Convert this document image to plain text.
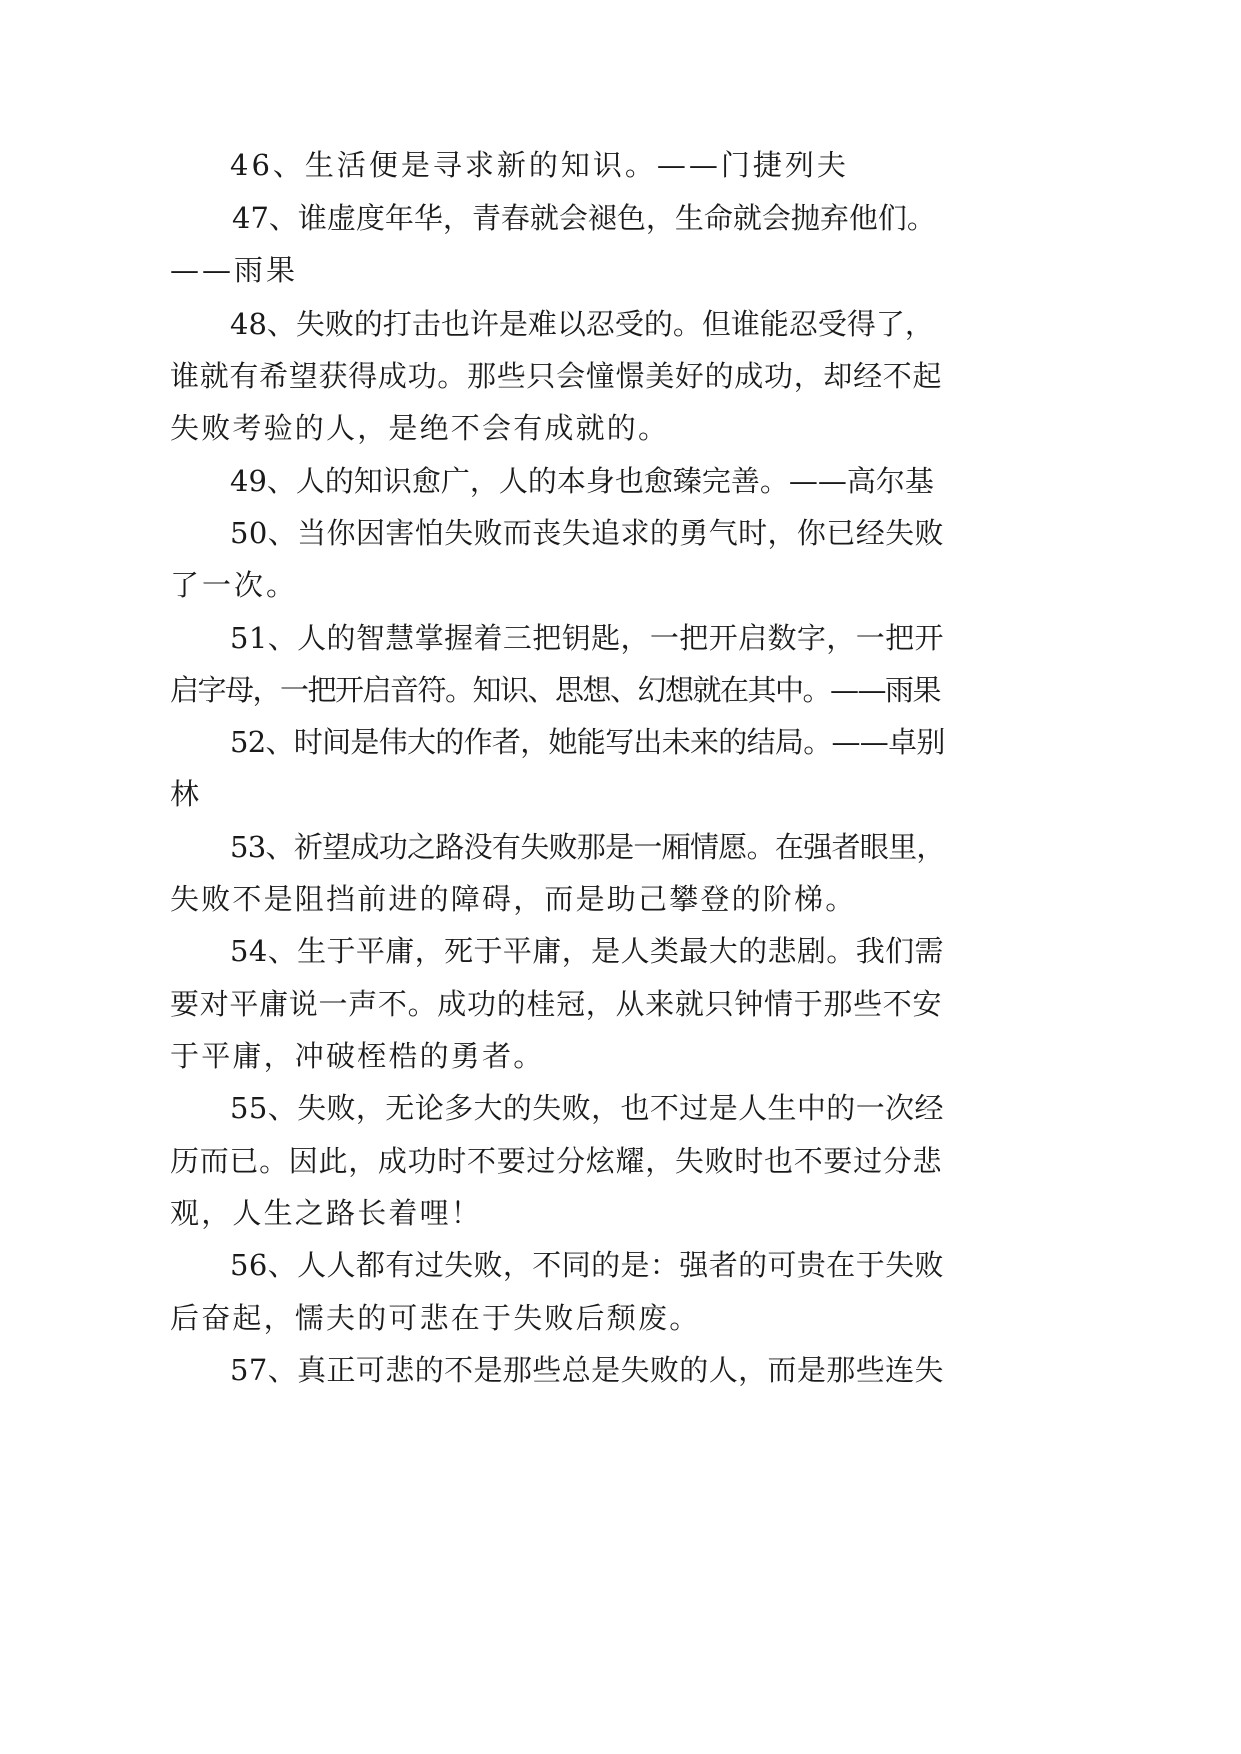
46、生活便是寻求新的知识。——门捷列夫
47、谁虚度年华，青春就会褪色，生命就会抛弃他们。
——雨果
48、失败的打击也许是难以忍受的。但谁能忍受得了，
谁就有希望获得成功。那些只会憧憬美好的成功，却经不起
失败考验的人，是绝不会有成就的。
49、人的知识愈广，人的本身也愈臻完善。——高尔基
50、当你因害怕失败而丧失追求的勇气时，你已经失败
了一次。
51、人的智慧掌握着三把钥匙，一把开启数字，一把开
启字母，一把开启音符。知识、思想、幻想就在其中。——雨果
52、时间是伟大的作者，她能写出未来的结局。——卓别
林
53、祈望成功之路没有失败那是一厢情愿。在强者眼里，
失败不是阻挡前进的障碍，而是助己攀登的阶梯。
54、生于平庸，死于平庸，是人类最大的悲剧。我们需
要对平庸说一声不。成功的桂冠，从来就只钟情于那些不安
于平庸，冲破桎梏的勇者。
55、失败，无论多大的失败，也不过是人生中的一次经
历而已。因此，成功时不要过分炫耀，失败时也不要过分悲
观，人生之路长着哩！
56、人人都有过失败，不同的是：强者的可贵在于失败
后奋起，懦夫的可悲在于失败后颓废。
57、真正可悲的不是那些总是失败的人，而是那些连失
